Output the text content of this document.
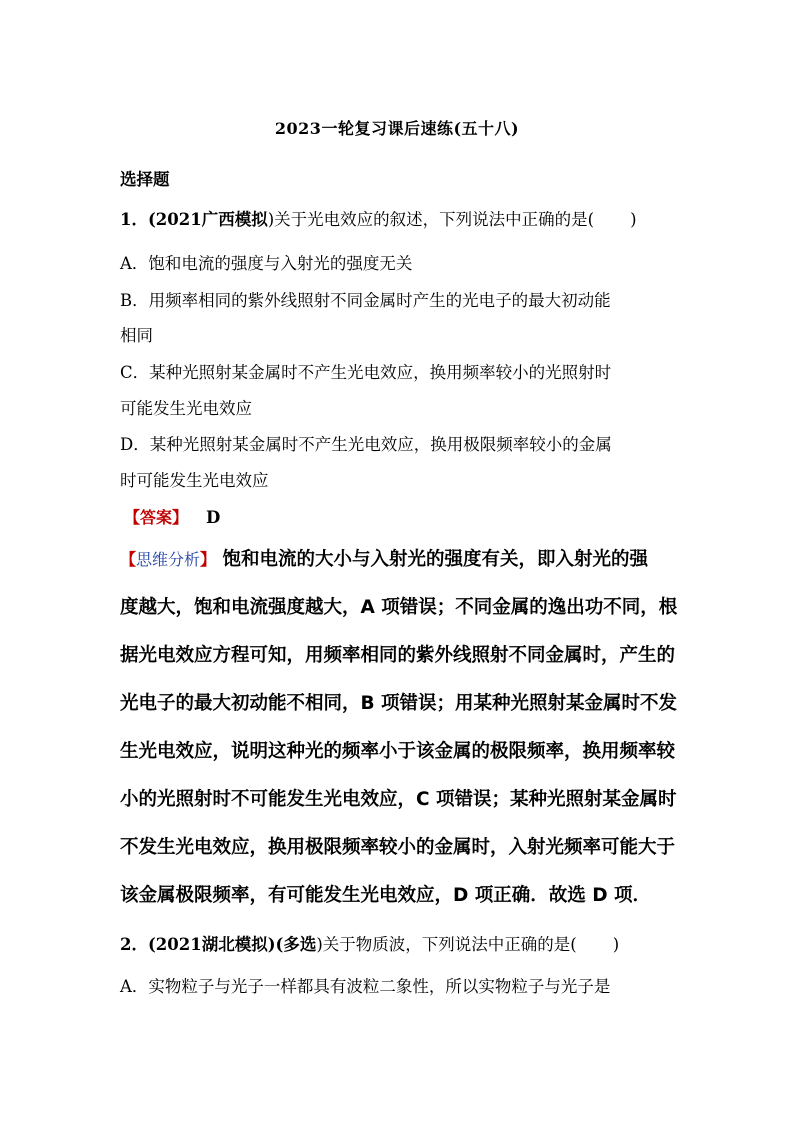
2023一轮复习课后速练(五十八)
选择题
1．(2021广西模拟)关于光电效应的叙述，下列说法中正确的是( )
A．饱和电流的强度与入射光的强度无关
B．用频率相同的紫外线照射不同金属时产生的光电子的最大初动能
相同
C．某种光照射某金属时不产生光电效应，换用频率较小的光照射时
可能发生光电效应
D．某种光照射某金属时不产生光电效应，换用极限频率较小的金属
时可能发生光电效应
【答案】 D
【思维分析】 饱和电流的大小与入射光的强度有关，即入射光的强
度越大，饱和电流强度越大，A 项错误；不同金属的逸出功不同，根
据光电效应方程可知，用频率相同的紫外线照射不同金属时，产生的
光电子的最大初动能不相同，B 项错误；用某种光照射某金属时不发
生光电效应，说明这种光的频率小于该金属的极限频率，换用频率较
小的光照射时不可能发生光电效应，C 项错误；某种光照射某金属时
不发生光电效应，换用极限频率较小的金属时，入射光频率可能大于
该金属极限频率，有可能发生光电效应，D 项正确．故选 D 项．
2．(2021湖北模拟)(多选)关于物质波，下列说法中正确的是( )
A．实物粒子与光子一样都具有波粒二象性，所以实物粒子与光子是
